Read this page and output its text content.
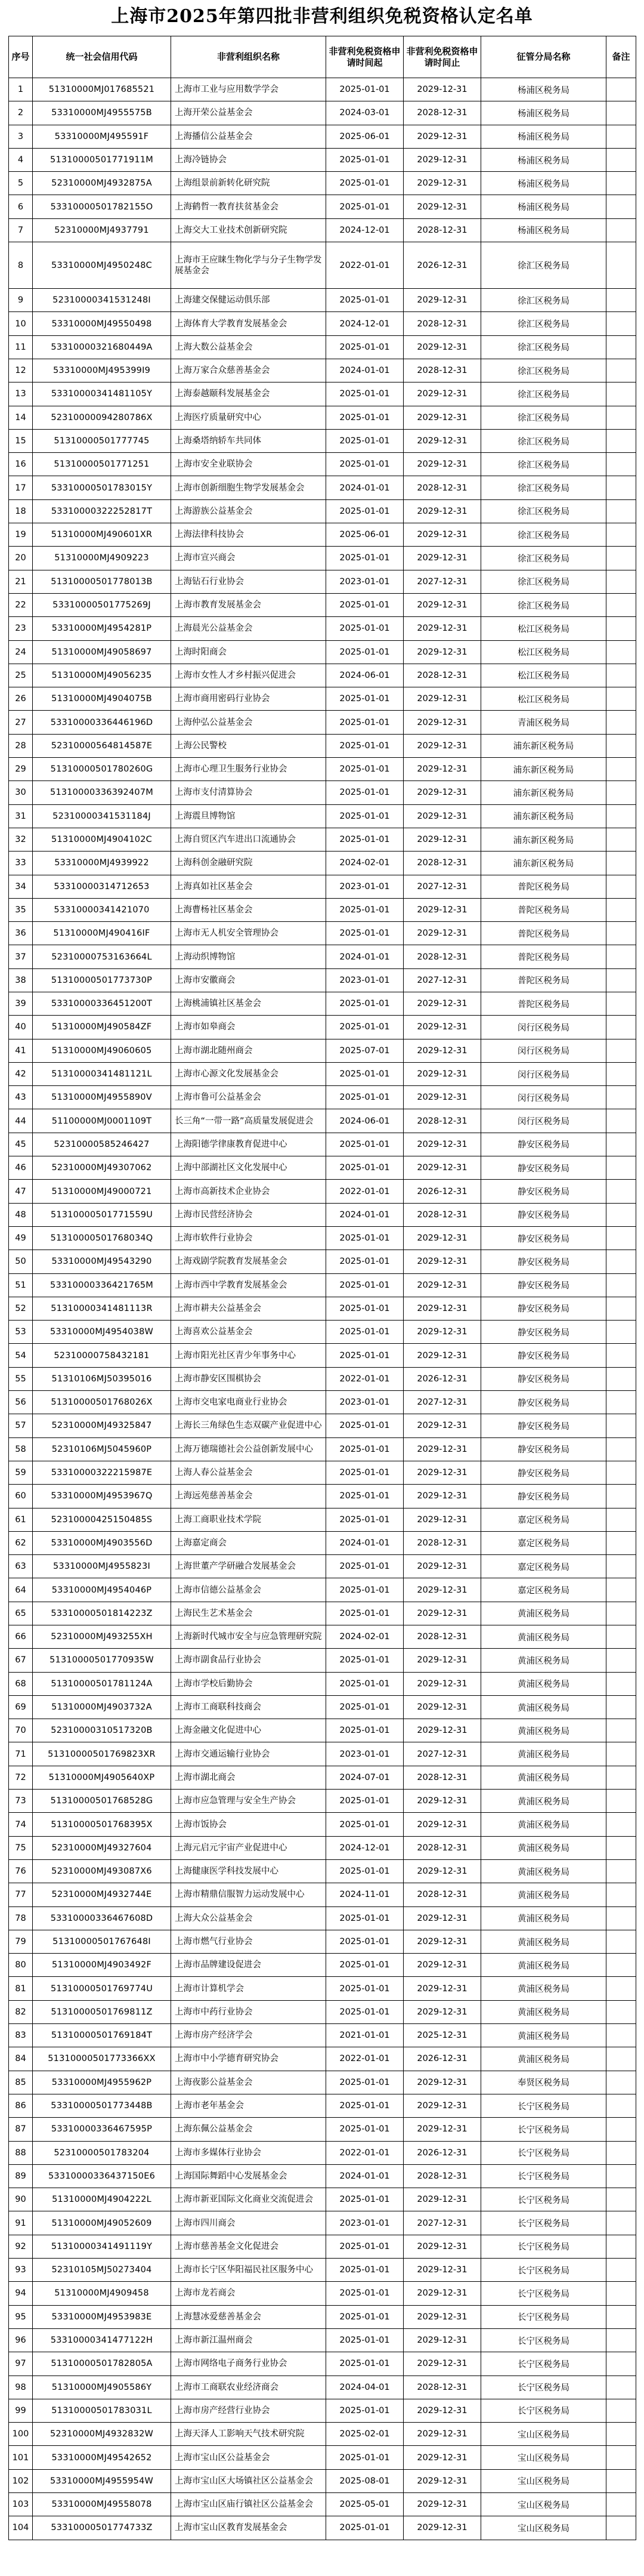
上海市2025年第四批非营利组织免税资格认定名单
序号	统一社会信用代码	非营利组织名称	非营利免税资格申请时间起	非营利免税资格申请时间止	征管分局名称	备注
1	51310000MJ017685521	上海市工业与应用数学学会	2025-01-01	2029-12-31	杨浦区税务局	
2	53310000MJ4955575B	上海开荣公益基金会	2024-03-01	2028-12-31	杨浦区税务局	
3	53310000MJ495591F	上海播信公益基金会	2025-06-01	2029-12-31	杨浦区税务局	
4	51310000501771911M	上海冷链协会	2025-01-01	2029-12-31	杨浦区税务局	
5	52310000MJ4932875A	上海组景前新转化研究院	2025-01-01	2029-12-31	杨浦区税务局	
6	53310000501782155O	上海鹤哲一教育扶贫基金会	2025-01-01	2029-12-31	杨浦区税务局	
7	52310000MJ4937791	上海交大工业技术创新研究院	2024-12-01	2028-12-31	杨浦区税务局	
8	53310000MJ4950248C	上海市王应睐生物化学与分子生物学发展基金会	2022-01-01	2026-12-31	徐汇区税务局	
9	52310000341531248I	上海建交保健运动俱乐部	2025-01-01	2029-12-31	徐汇区税务局	
10	53310000MJ49550498	上海体育大学教育发展基金会	2024-12-01	2028-12-31	徐汇区税务局	
11	53310000321680449A	上海大数公益基金会	2025-01-01	2029-12-31	徐汇区税务局	
12	53310000MJ495399I9	上海万家合众慈善基金会	2024-01-01	2028-12-31	徐汇区税务局	
13	53310000341481105Y	上海泰越颐科发展基金会	2025-01-01	2029-12-31	徐汇区税务局	
14	52310000094280786X	上海医疗质量研究中心	2025-01-01	2029-12-31	徐汇区税务局	
15	51310000501777745	上海桑塔纳轿车共同体	2025-01-01	2029-12-31	徐汇区税务局	
16	51310000501771251	上海市安全业联协会	2025-01-01	2029-12-31	徐汇区税务局	
17	53310000501783015Y	上海市创新细胞生物学发展基金会	2024-01-01	2028-12-31	徐汇区税务局	
18	53310000322252817T	上海游族公益基金会	2025-01-01	2029-12-31	徐汇区税务局	
19	51310000MJ490601XR	上海法律科技协会	2025-06-01	2029-12-31	徐汇区税务局	
20	51310000MJ4909223	上海市宣兴商会	2025-01-01	2029-12-31	徐汇区税务局	
21	51310000501778013B	上海钻石行业协会	2023-01-01	2027-12-31	徐汇区税务局	
22	53310000501775269J	上海市教育发展基金会	2025-01-01	2029-12-31	徐汇区税务局	
23	53310000MJ4954281P	上海晨光公益基金会	2025-01-01	2029-12-31	松江区税务局	
24	51310000MJ49058697	上海时阳商会	2025-01-01	2029-12-31	松江区税务局	
25	51310000MJ49056235	上海市女性人才乡村振兴促进会	2024-06-01	2028-12-31	松江区税务局	
26	51310000MJ4904075B	上海市商用密码行业协会	2025-01-01	2029-12-31	松江区税务局	
27	53310000336446196D	上海仲弘公益基金会	2025-01-01	2029-12-31	青浦区税务局	
28	52310000564814587E	上海公民警校	2025-01-01	2029-12-31	浦东新区税务局	
29	51310000501780260G	上海市心理卫生服务行业协会	2025-01-01	2029-12-31	浦东新区税务局	
30	51310000336392407M	上海市支付清算协会	2025-01-01	2029-12-31	浦东新区税务局	
31	52310000341531184J	上海震旦博物馆	2025-01-01	2029-12-31	浦东新区税务局	
32	51310000MJ4904102C	上海自贸区汽车进出口流通协会	2025-01-01	2029-12-31	浦东新区税务局	
33	53310000MJ4939922	上海科创金融研究院	2024-02-01	2028-12-31	浦东新区税务局	
34	53310000314712653	上海真如社区基金会	2023-01-01	2027-12-31	普陀区税务局	
35	53310000341421070	上海曹杨社区基金会	2025-01-01	2029-12-31	普陀区税务局	
36	51310000MJ490416IF	上海市无人机安全管理协会	2025-01-01	2029-12-31	普陀区税务局	
37	52310000753163664L	上海动织博物馆	2024-01-01	2028-12-31	普陀区税务局	
38	51310000501773730P	上海市安徽商会	2023-01-01	2027-12-31	普陀区税务局	
39	53310000336451200T	上海桃浦镇社区基金会	2025-01-01	2029-12-31	普陀区税务局	
40	51310000MJ490584ZF	上海市如皋商会	2025-01-01	2029-12-31	闵行区税务局	
41	51310000MJ49060605	上海市湖北随州商会	2025-07-01	2029-12-31	闵行区税务局	
42	51310000341481121L	上海市心源文化发展基金会	2025-01-01	2029-12-31	闵行区税务局	
43	51310000MJ4955890V	上海市鲁可公益基金会	2025-01-01	2029-12-31	闵行区税务局	
44	51100000MJ0001109T	长三角“一带一路”高质量发展促进会	2024-06-01	2028-12-31	闵行区税务局	
45	52310000585246427	上海阳德学律康教育促进中心	2025-01-01	2029-12-31	静安区税务局	
46	52310000MJ49307062	上海中部湖社区文化发展中心	2025-01-01	2029-12-31	静安区税务局	
47	51310000MJ49000721	上海市高新技术企业协会	2022-01-01	2026-12-31	静安区税务局	
48	51310000501771559U	上海市民营经济协会	2024-01-01	2028-12-31	静安区税务局	
49	51310000501768034Q	上海市软件行业协会	2025-01-01	2029-12-31	静安区税务局	
50	53310000MJ49543290	上海戏剧学院教育发展基金会	2025-01-01	2029-12-31	静安区税务局	
51	53310000336421765M	上海市西中学教育发展基金会	2025-01-01	2029-12-31	静安区税务局	
52	51310000341481113R	上海市耕夫公益基金会	2025-01-01	2029-12-31	静安区税务局	
53	53310000MJ4954038W	上海喜欢公益基金会	2025-01-01	2029-12-31	静安区税务局	
54	52310000758432181	上海市阳光社区青少年事务中心	2025-01-01	2029-12-31	静安区税务局	
55	51310106MJ50395016	上海市静安区围棋协会	2022-01-01	2026-12-31	静安区税务局	
56	51310000501768026X	上海市交电家电商业行业协会	2023-01-01	2027-12-31	静安区税务局	
57	52310000MJ49325847	上海长三角绿色生态双碳产业促进中心	2025-01-01	2029-12-31	静安区税务局	
58	52310106MJ5045960P	上海万德瑞德社会公益创新发展中心	2025-01-01	2029-12-31	静安区税务局	
59	53310000322215987E	上海人春公益基金会	2025-01-01	2029-12-31	静安区税务局	
60	53310000MJ4953967Q	上海远苑慈善基金会	2025-01-01	2029-12-31	静安区税务局	
61	52310000425150485S	上海工商职业技术学院	2025-01-01	2029-12-31	嘉定区税务局	
62	53310000MJ4903556D	上海嘉定商会	2024-01-01	2028-12-31	嘉定区税务局	
63	53310000MJ4955823I	上海世董产学研融合发展基金会	2025-01-01	2029-12-31	嘉定区税务局	
64	53310000MJ4954046P	上海市信德公益基金会	2025-01-01	2029-12-31	嘉定区税务局	
65	53310000501814223Z	上海民生艺术基金会	2025-01-01	2029-12-31	黄浦区税务局	
66	52310000MJ493255XH	上海新时代城市安全与应急管理研究院	2024-02-01	2028-12-31	黄浦区税务局	
67	51310000501770935W	上海市副食品行业协会	2025-01-01	2029-12-31	黄浦区税务局	
68	51310000501781124A	上海市学校后勤协会	2025-01-01	2029-12-31	黄浦区税务局	
69	51310000MJ4903732A	上海市工商联科技商会	2025-01-01	2029-12-31	黄浦区税务局	
70	52310000310517320B	上海金融文化促进中心	2025-01-01	2029-12-31	黄浦区税务局	
71	51310000501769823XR	上海市交通运输行业协会	2023-01-01	2027-12-31	黄浦区税务局	
72	51310000MJ4905640XP	上海市湖北商会	2024-07-01	2028-12-31	黄浦区税务局	
73	51310000501768528G	上海市应急管理与安全生产协会	2025-01-01	2029-12-31	黄浦区税务局	
74	51310000501768395X	上海市饭协会	2025-01-01	2029-12-31	黄浦区税务局	
75	52310000MJ49327604	上海元启元宇宙产业促进中心	2024-12-01	2028-12-31	黄浦区税务局	
76	52310000MJ493087X6	上海健康医学科技发展中心	2025-01-01	2029-12-31	黄浦区税务局	
77	52310000MJ4932744E	上海市精鼎信服智力运动发展中心	2024-11-01	2028-12-31	黄浦区税务局	
78	53310000336467608D	上海大众公益基金会	2025-01-01	2029-12-31	黄浦区税务局	
79	51310000501767648I	上海市燃气行业协会	2025-01-01	2029-12-31	黄浦区税务局	
80	51310000MJ4903492F	上海市品牌建设促进会	2025-01-01	2029-12-31	黄浦区税务局	
81	51310000501769774U	上海市计算机学会	2025-01-01	2029-12-31	黄浦区税务局	
82	51310000501769811Z	上海市中药行业协会	2025-01-01	2029-12-31	黄浦区税务局	
83	51310000501769184T	上海市房产经济学会	2021-01-01	2025-12-31	黄浦区税务局	
84	51310000501773366XX	上海市中小学德育研究协会	2022-01-01	2026-12-31	黄浦区税务局	
85	53310000MJ4955962P	上海夜影公益基金会	2025-01-01	2029-12-31	奉贤区税务局	
86	53310000501773448B	上海市老年基金会	2025-01-01	2029-12-31	长宁区税务局	
87	53310000336467595P	上海东佩公益基金会	2025-01-01	2029-12-31	长宁区税务局	
88	52310000501783204	上海市多媒体行业协会	2022-01-01	2026-12-31	长宁区税务局	
89	53310000336437150E6	上海国际舞蹈中心发展基金会	2024-01-01	2028-12-31	长宁区税务局	
90	51310000MJ4904222L	上海市新亚国际文化商业交流促进会	2025-01-01	2029-12-31	长宁区税务局	
91	51310000MJ49052609	上海市四川商会	2023-01-01	2027-12-31	长宁区税务局	
92	51310000341491119Y	上海市慈善基金文化促进会	2025-01-01	2029-12-31	长宁区税务局	
93	52310105MJ50273404	上海市长宁区华阳福民社区服务中心	2025-01-01	2029-12-31	长宁区税务局	
94	51310000MJ4909458	上海市龙若商会	2025-01-01	2029-12-31	长宁区税务局	
95	53310000MJ4953983E	上海慧冰爱慈善基金会	2025-01-01	2029-12-31	长宁区税务局	
96	53310000341477122H	上海市新江温州商会	2025-01-01	2029-12-31	长宁区税务局	
97	51310000501782805A	上海市网络电子商务行业协会	2025-01-01	2029-12-31	长宁区税务局	
98	51310000MJ4905586Y	上海市工商联农业经济商会	2024-04-01	2028-12-31	长宁区税务局	
99	51310000501783031L	上海市房产经营行业协会	2025-01-01	2029-12-31	长宁区税务局	
100	52310000MJ4932832W	上海天泽人工影响天气技术研究院	2025-02-01	2029-12-31	宝山区税务局	
101	53310000MJ49542652	上海市宝山区公益基金会	2025-01-01	2029-12-31	宝山区税务局	
102	53310000MJ4955954W	上海市宝山区大场镇社区公益基金会	2025-08-01	2029-12-31	宝山区税务局	
103	53310000MJ49558078	上海市宝山区庙行镇社区公益基金会	2025-05-01	2029-12-31	宝山区税务局	
104	53310000501774733Z	上海市宝山区教育发展基金会	2025-01-01	2029-12-31	宝山区税务局	
